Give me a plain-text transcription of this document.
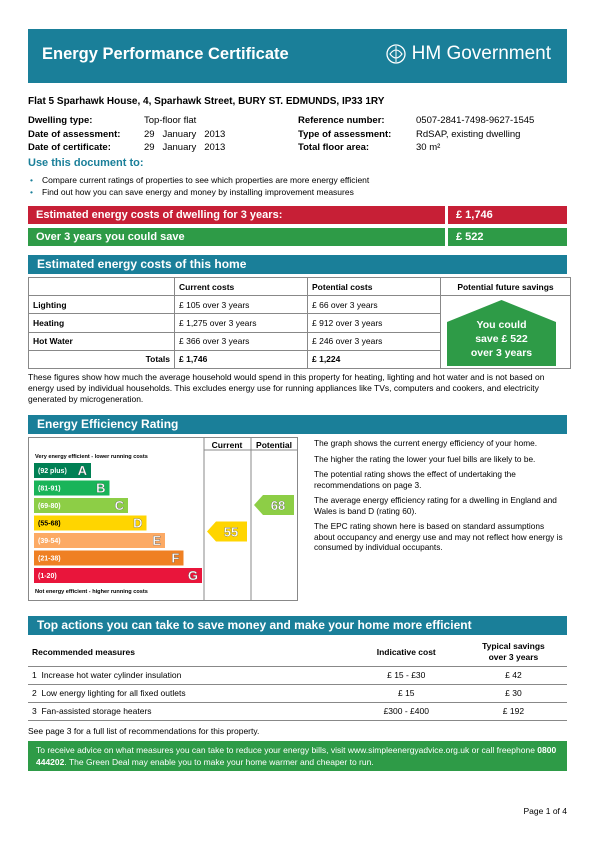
Energy Performance Certificate	HM Government
Flat 5 Sparhawk House, 4, Sparhawk Street, BURY ST. EDMUNDS, IP33 1RY
Dwelling type:	Top-floor flat
Date of assessment: 29   January   2013
Date of certificate:	29   January   2013
Reference number:	0507-2841-7498-9627-1545
Type of assessment:	RdSAP, existing dwelling
Total floor area:	30 m²
Use this document to:
• Compare current ratings of properties to see which properties are more energy efficient
• Find out how you can save energy and money by installing improvement measures
Estimated energy costs of dwelling for 3 years:	£ 1,746
Over 3 years you could save	£ 522
Estimated energy costs of this home
	Current costs	Potential costs	Potential future savings
Lighting	£ 105 over 3 years	£ 66 over 3 years	You could
save £ 522
over 3 years

Heating	£ 1,275 over 3 years	£ 912 over 3 years	
Hot Water	£ 366 over 3 years	£ 246 over 3 years	
Totals	£ 1,746	£ 1,224	
These figures show how much the average household would spend in this property for heating, lighting and hot water and is not based on energy used by individual households. This excludes energy use for running appliances like TVs, computers and cookers, and electricity generated by microgeneration.
Energy Efficiency Rating
Current Potential
Very energy efficient - lower running costs
Not energy efficient - higher running costs
(92 plus) A
(81-91)	B
(69-80)	C
(55-68)	D
(39-54)	E
(21-38)	F
(1-20)	G
55
68

The graph shows the current energy efficiency of your home.

The higher the rating the lower your fuel bills are likely to be.

The potential rating shows the effect of undertaking the recommendations on page 3.

The average energy efficiency rating for a dwelling in England and Wales is band D (rating 60).

The EPC rating shown here is based on standard assumptions about occupancy and energy use and may not reflect how energy is consumed by individual occupants.

Top actions you can take to save money and make your home more efficient
Recommended measures	Indicative cost	Typical savings
over 3 years

1 Increase hot water cylinder insulation	£ 15 - £30	£ 42
2 Low energy lighting for all fixed outlets	£ 15	£ 30
3 Fan-assisted storage heaters	£300 - £400	£ 192
See page 3 for a full list of recommendations for this property.
To receive advice on what measures you can take to reduce your energy bills, visit www.simpleenergyadvice.org.uk or call freephone 0800 444202. The Green Deal may enable you to make your home warmer and cheaper to run.
Page 1 of 4
